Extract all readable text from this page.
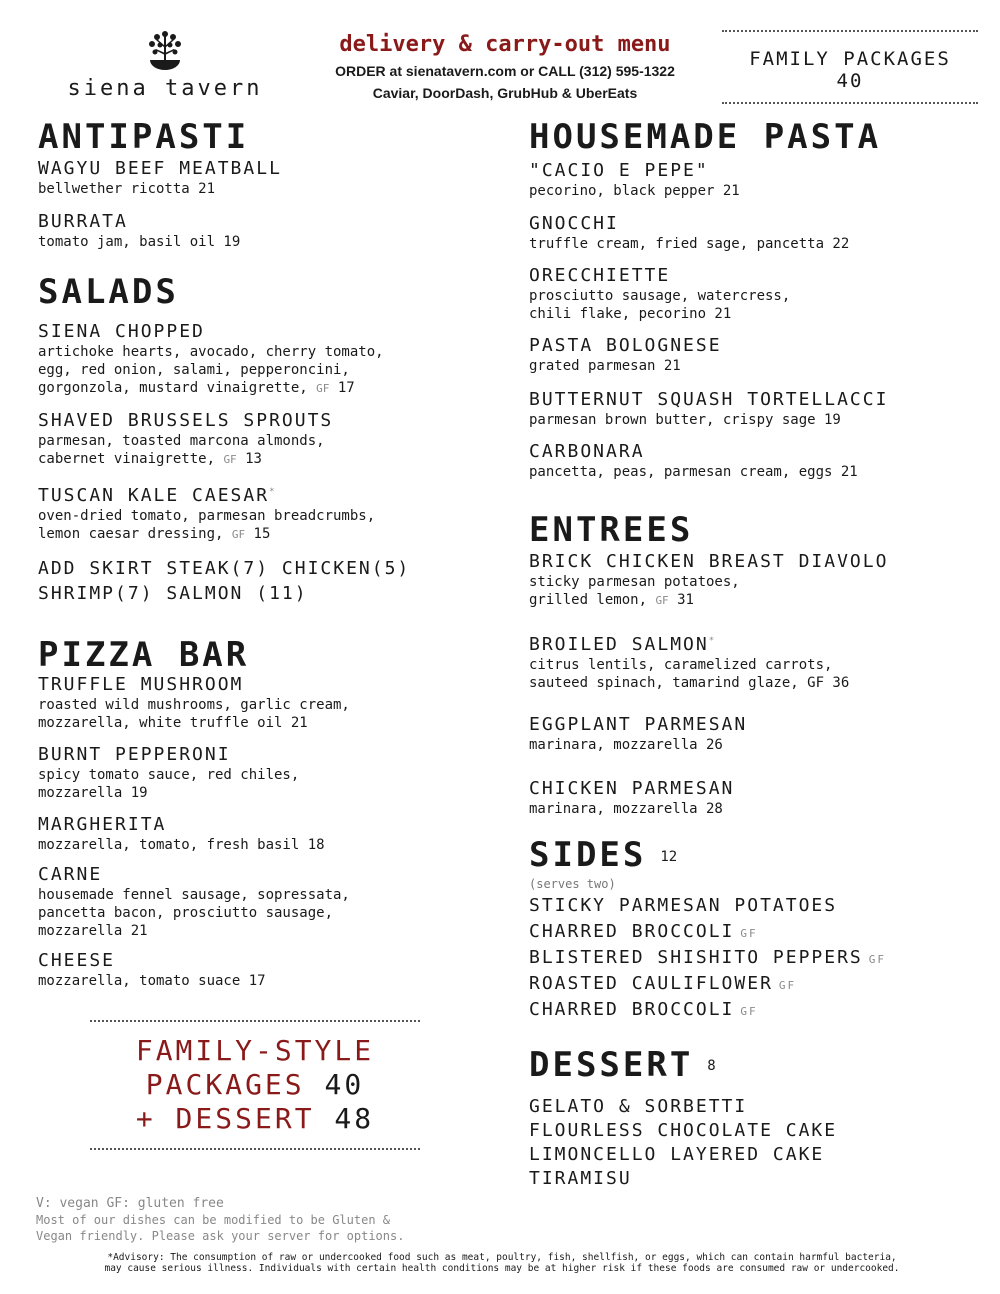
siena tavern
delivery & carry-out menu
ORDER at sienatavern.com or CALL (312) 595-1322
Caviar, DoorDash, GrubHub & UberEats
FAMILY PACKAGES
40
ANTIPASTI
WAGYU BEEF MEATBALL
bellwether ricotta 21
BURRATA
tomato jam, basil oil 19
SALADS
SIENA CHOPPED
artichoke hearts, avocado, cherry tomato,
egg, red onion, salami, pepperoncini,
gorgonzola, mustard vinaigrette, GF 17
SHAVED BRUSSELS SPROUTS
parmesan, toasted marcona almonds,
cabernet vinaigrette, GF 13
TUSCAN KALE CAESAR*
oven-dried tomato, parmesan breadcrumbs,
lemon caesar dressing, GF 15
ADD SKIRT STEAK(7) CHICKEN(5)
SHRIMP(7) SALMON (11)
PIZZA BAR
TRUFFLE MUSHROOM
roasted wild mushrooms, garlic cream,
mozzarella, white truffle oil 21
BURNT PEPPERONI
spicy tomato sauce, red chiles,
mozzarella 19
MARGHERITA
mozzarella, tomato, fresh basil 18
CARNE
housemade fennel sausage, sopressata,
pancetta bacon, prosciutto sausage,
mozzarella 21
CHEESE
mozzarella, tomato suace 17
FAMILY-STYLE
PACKAGES 40
+ DESSERT 48
V: vegan GF: gluten free
Most of our dishes can be modified to be Gluten &
Vegan friendly. Please ask your server for options.
HOUSEMADE PASTA
"CACIO E PEPE"
pecorino, black pepper 21
GNOCCHI
truffle cream, fried sage, pancetta 22
ORECCHIETTE
prosciutto sausage, watercress,
chili flake, pecorino 21
PASTA BOLOGNESE
grated parmesan 21
BUTTERNUT SQUASH TORTELLACCI
parmesan brown butter, crispy sage 19
CARBONARA
pancetta, peas, parmesan cream, eggs 21
ENTREES
BRICK CHICKEN BREAST DIAVOLO
sticky parmesan potatoes,
grilled lemon, GF 31
BROILED SALMON*
citrus lentils, caramelized carrots,
sauteed spinach, tamarind glaze, GF 36
EGGPLANT PARMESAN
marinara, mozzarella 26
CHICKEN PARMESAN
marinara, mozzarella 28
SIDES 12
(serves two)
STICKY PARMESAN POTATOES
CHARRED BROCCOLI GF
BLISTERED SHISHITO PEPPERS GF
ROASTED CAULIFLOWER GF
CHARRED BROCCOLI GF
DESSERT 8
GELATO & SORBETTI
FLOURLESS CHOCOLATE CAKE
LIMONCELLO LAYERED CAKE
TIRAMISU
*Advisory: The consumption of raw or undercooked food such as meat, poultry, fish, shellfish, or eggs, which can contain harmful bacteria,
may cause serious illness. Individuals with certain health conditions may be at higher risk if these foods are consumed raw or undercooked.
